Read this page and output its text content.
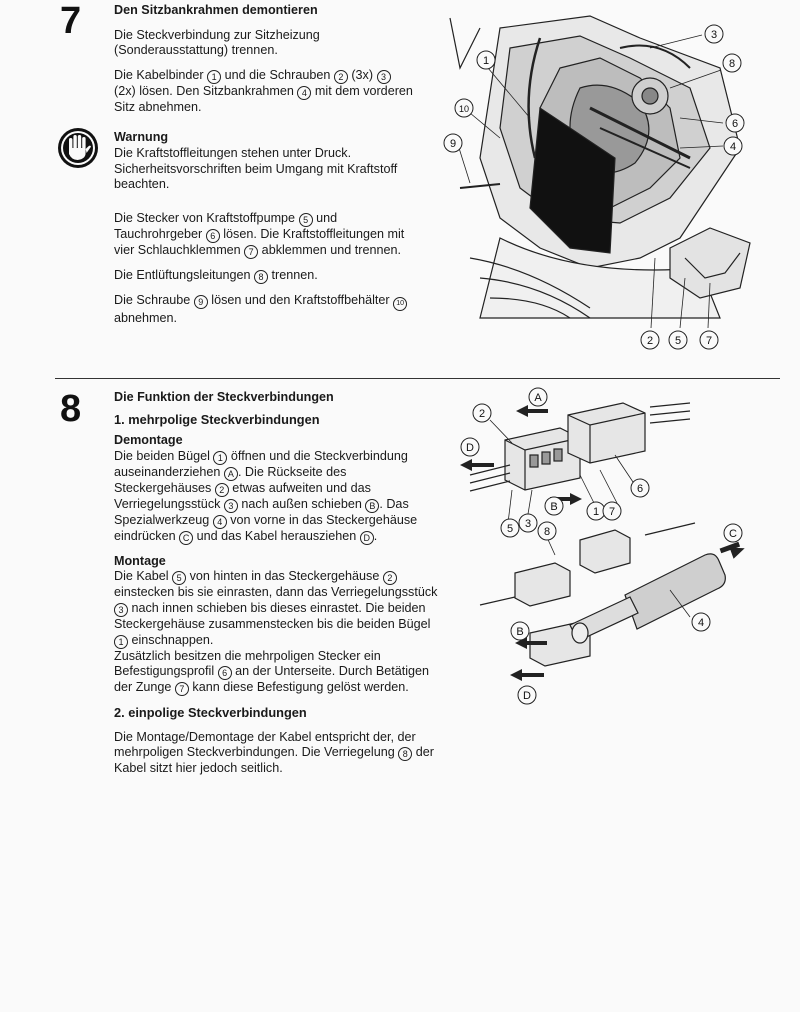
7	Den Sitzbankrahmen demontieren

Die Steckverbindung zur Sitzheizung (Sonderausstattung) trennen.

Die Kabelbinder 1 und die Schrauben 2 (3x) 3 (2x) lösen. Den Sitzbankrahmen 4 mit dem vorderen Sitz abnehmen.

Warnung

Die Kraftstoffleitungen stehen unter Druck. Sicherheitsvorschriften beim Umgang mit Kraftstoff beachten.

Die Stecker von Kraftstoffpumpe 5 und Tauchrohrgeber 6 lösen. Die Kraftstoffleitungen mit vier Schlauchklemmen 7 abklemmen und trennen.

Die Entlüftungsleitungen 8 trennen.

Die Schraube 9 lösen und den Kraftstoffbehälter 10 abnehmen.

1
3
8
6
4
10
9
2 5 7
8	Die Funktion der Steckverbindungen

1. mehrpolige Steckverbindungen

Demontage

Die beiden Bügel 1 öffnen und die Steckverbindung auseinanderziehen A . Die Rückseite des Steckergehäuses 2 etwas aufweiten und das Verriegelungsstück 3 nach außen schieben B . Das Spezialwerkzeug 4 von vorne in das Steckergehäuse eindrücken C und das Kabel herausziehen D .

Montage

Die Kabel 5 von hinten in das Steckergehäuse 2 einstecken bis sie einrasten, dann das Verriegelungsstück 3 nach innen schieben bis dieses einrastet. Die beiden Steckergehäuse zusammenstecken bis die beiden Bügel 1 einschnappen.

Zusätzlich besitzen die mehrpoligen Stecker ein Befestigungsprofil 6 an der Unterseite. Durch Betätigen der Zunge 7 kann diese Befestigung gelöst werden.

2. einpolige Steckverbindungen

Die Montage/Demontage der Kabel entspricht der, der mehrpoligen Steckverbindungen. Die Verriegelung 8 der Kabel sitzt hier jedoch seitlich.

A
2
D
B	1 7
6
5 3
8	C
4
B
D
